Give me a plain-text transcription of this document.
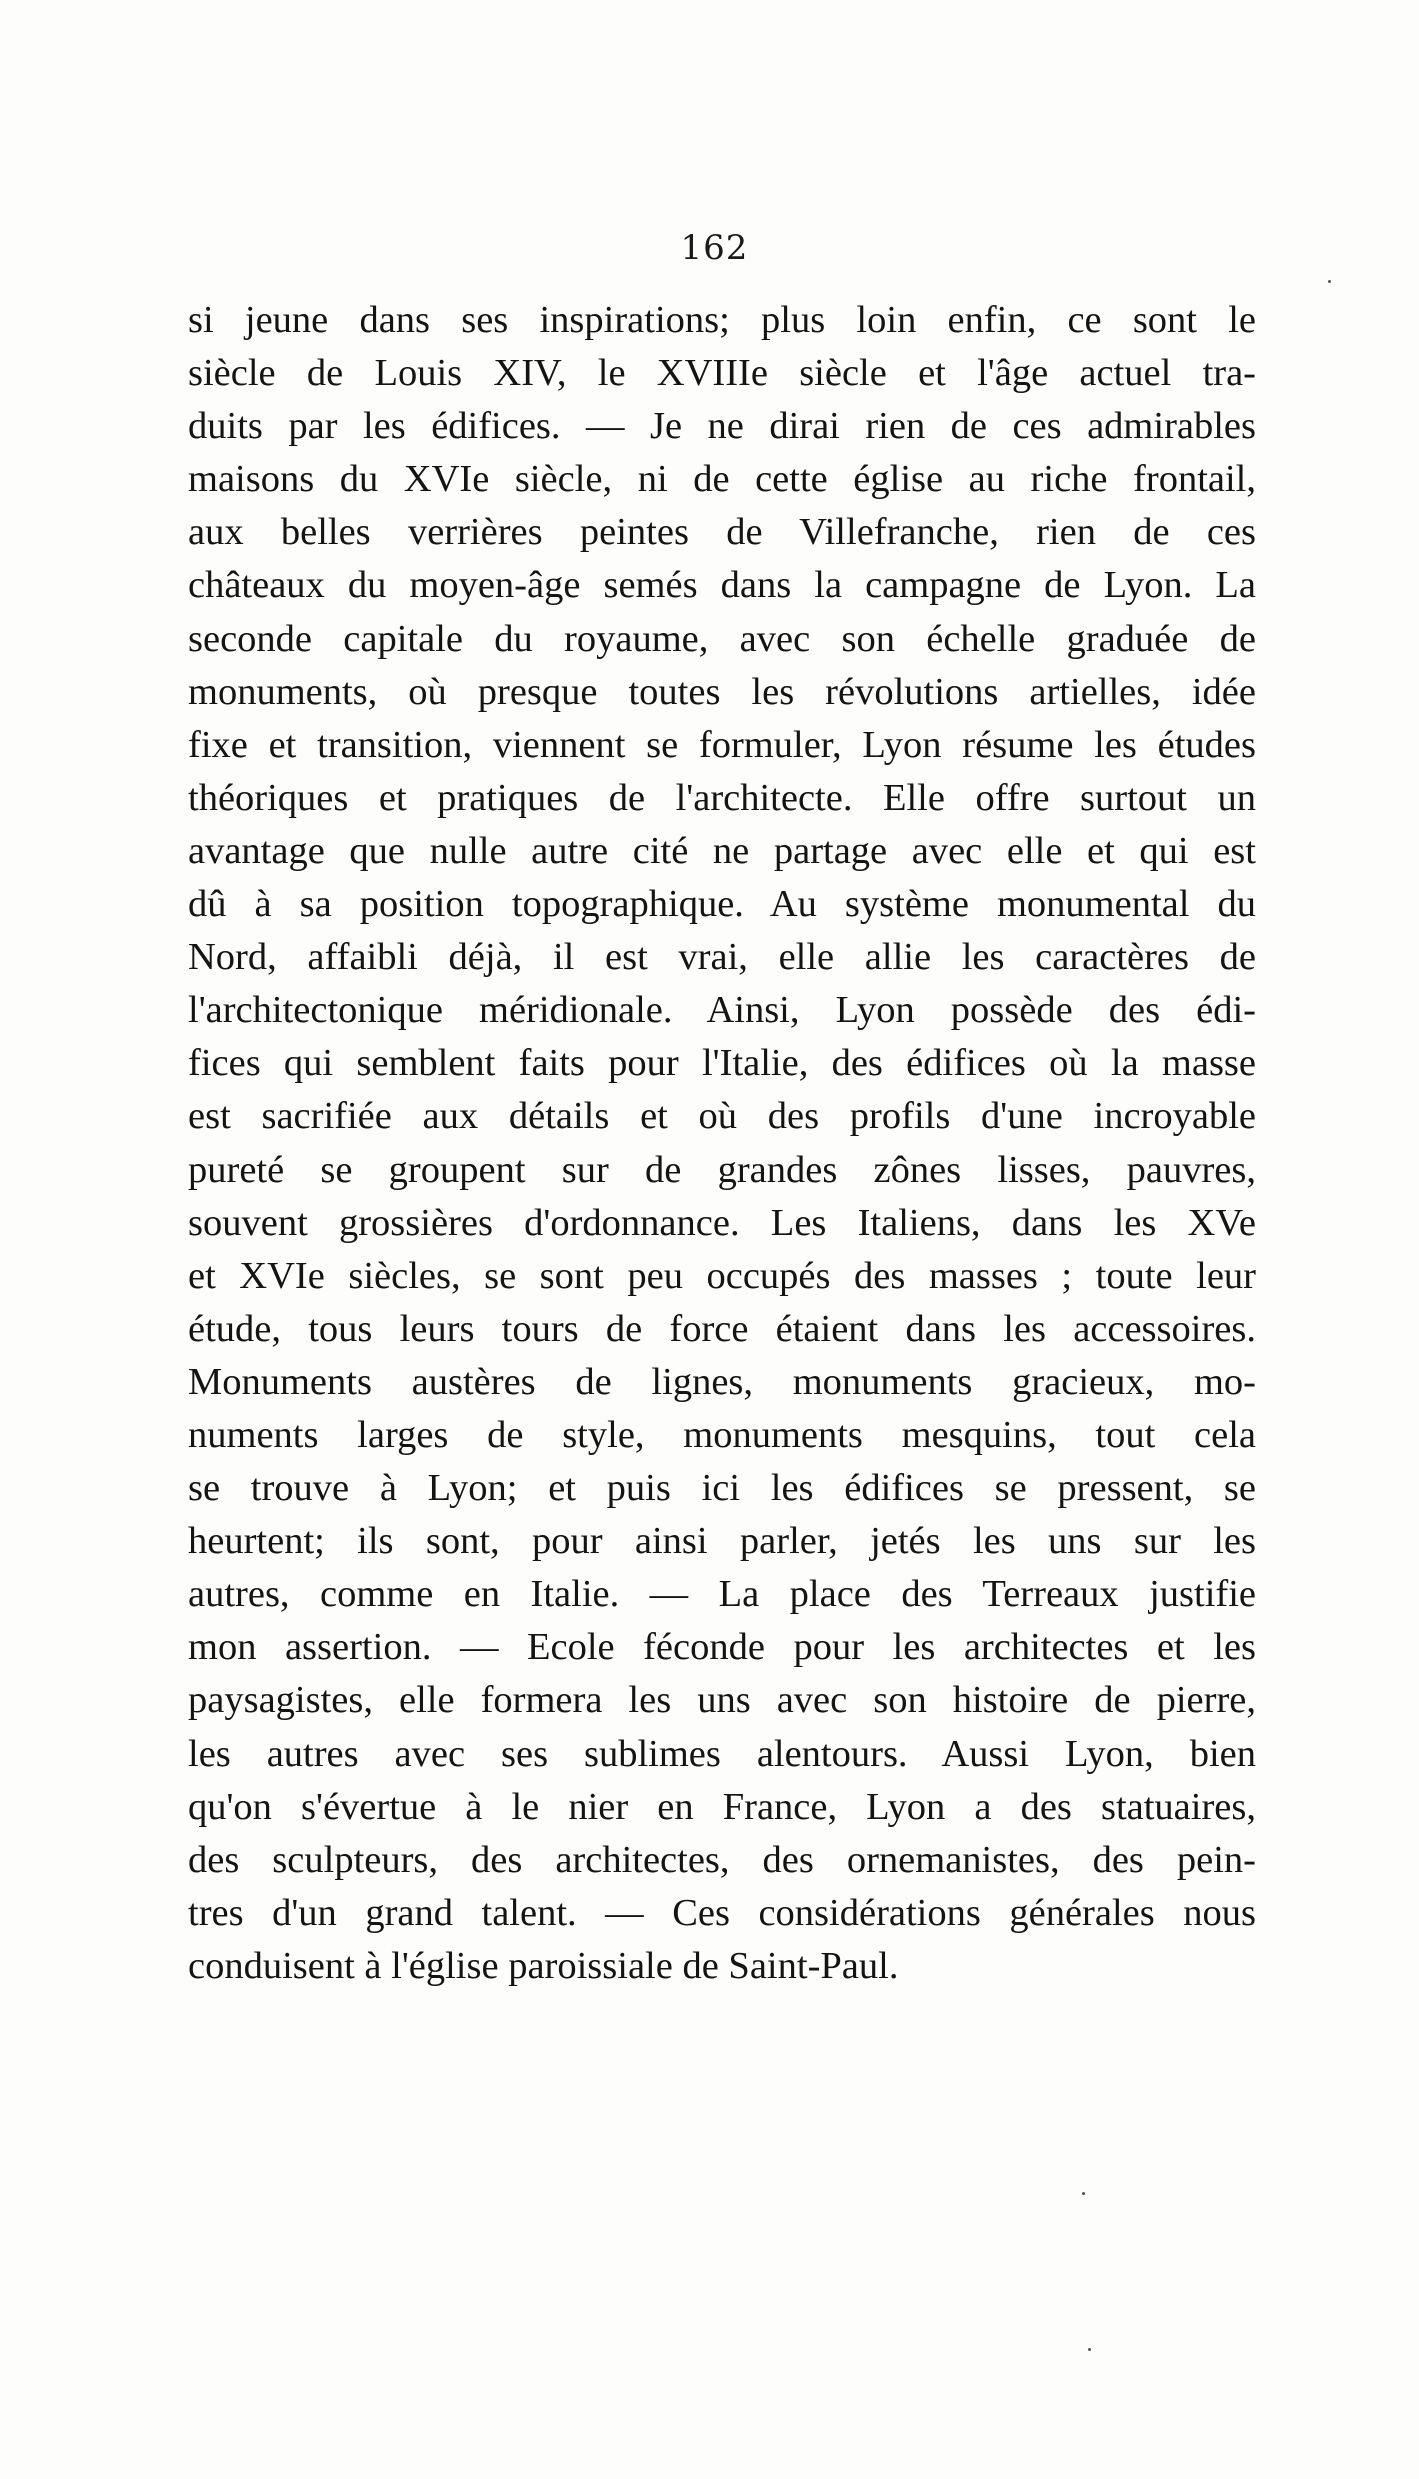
162
si jeune dans ses inspirations; plus loin enfin, ce sont le
siècle de Louis XIV, le XVIIIe siècle et l'âge actuel tra-
duits par les édifices. — Je ne dirai rien de ces admirables
maisons du XVIe siècle, ni de cette église au riche frontail,
aux belles verrières peintes de Villefranche, rien de ces
châteaux du moyen-âge semés dans la campagne de Lyon. La
seconde capitale du royaume, avec son échelle graduée de
monuments, où presque toutes les révolutions artielles, idée
fixe et transition, viennent se formuler, Lyon résume les études
théoriques et pratiques de l'architecte. Elle offre surtout un
avantage que nulle autre cité ne partage avec elle et qui est
dû à sa position topographique. Au système monumental du
Nord, affaibli déjà, il est vrai, elle allie les caractères de
l'architectonique méridionale. Ainsi, Lyon possède des édi-
fices qui semblent faits pour l'Italie, des édifices où la masse
est sacrifiée aux détails et où des profils d'une incroyable
pureté se groupent sur de grandes zônes lisses, pauvres,
souvent grossières d'ordonnance. Les Italiens, dans les XVe
et XVIe siècles, se sont peu occupés des masses ; toute leur
étude, tous leurs tours de force étaient dans les accessoires.
Monuments austères de lignes, monuments gracieux, mo-
numents larges de style, monuments mesquins, tout cela
se trouve à Lyon; et puis ici les édifices se pressent, se
heurtent; ils sont, pour ainsi parler, jetés les uns sur les
autres, comme en Italie. — La place des Terreaux justifie
mon assertion. — Ecole féconde pour les architectes et les
paysagistes, elle formera les uns avec son histoire de pierre,
les autres avec ses sublimes alentours. Aussi Lyon, bien
qu'on s'évertue à le nier en France, Lyon a des statuaires,
des sculpteurs, des architectes, des ornemanistes, des pein-
tres d'un grand talent. — Ces considérations générales nous
conduisent à l'église paroissiale de Saint-Paul.
